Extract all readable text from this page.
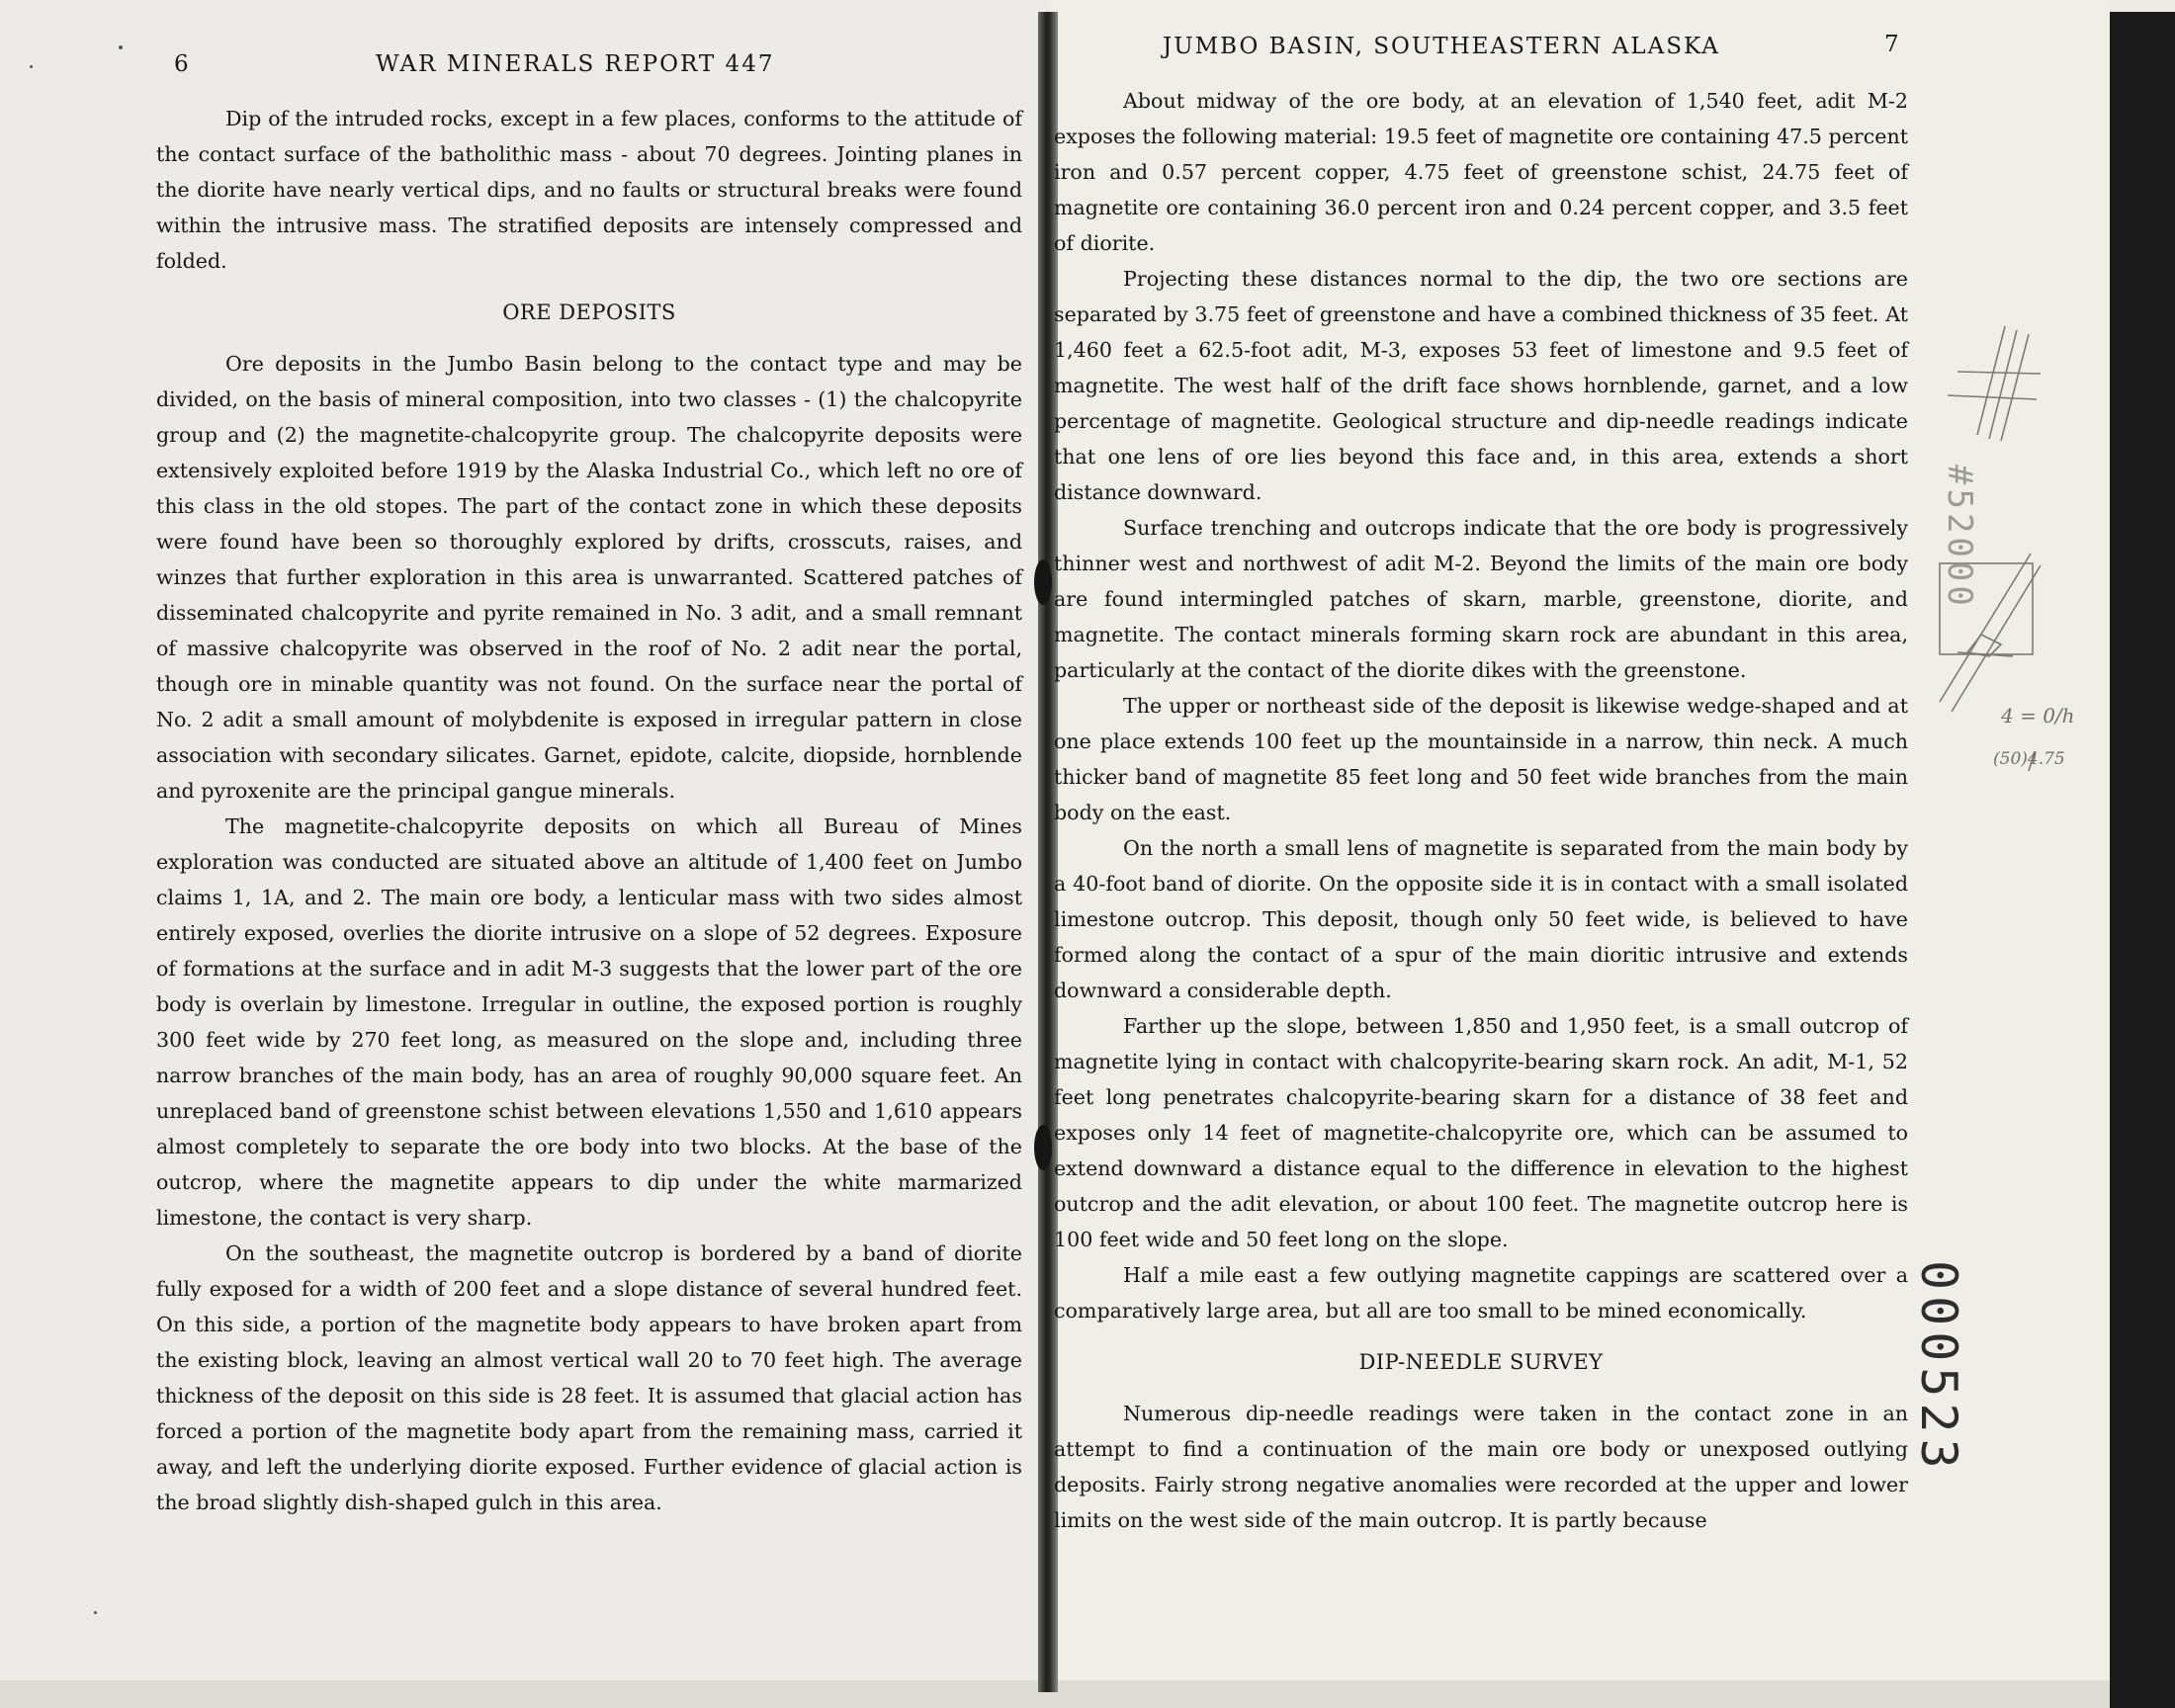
6	WAR MINERALS REPORT 447
JUMBO BASIN, SOUTHEASTERN ALASKA	7

Dip of the intruded rocks, except in a few places, conforms to the attitude of the contact surface of the batholithic mass - about 70 degrees. Jointing planes in the diorite have nearly vertical dips, and no faults or structural breaks were found within the intrusive mass. The stratified deposits are intensely compressed and folded.

ORE DEPOSITS

Ore deposits in the Jumbo Basin belong to the contact type and may be divided, on the basis of mineral composition, into two classes - (1) the chalcopyrite group and (2) the magnetite-chalcopyrite group. The chalcopyrite deposits were extensively exploited before 1919 by the Alaska Industrial Co., which left no ore of this class in the old stopes. The part of the contact zone in which these deposits were found have been so thoroughly explored by drifts, crosscuts, raises, and winzes that further exploration in this area is unwarranted. Scattered patches of disseminated chalcopyrite and pyrite remained in No. 3 adit, and a small remnant of massive chalcopyrite was observed in the roof of No. 2 adit near the portal, though ore in minable quantity was not found. On the surface near the portal of No. 2 adit a small amount of molybdenite is exposed in irregular pattern in close association with secondary silicates. Garnet, epidote, calcite, diopside, hornblende and pyroxenite are the principal gangue minerals.

The magnetite-chalcopyrite deposits on which all Bureau of Mines exploration was conducted are situated above an altitude of 1,400 feet on Jumbo claims 1, 1A, and 2. The main ore body, a lenticular mass with two sides almost entirely exposed, overlies the diorite intrusive on a slope of 52 degrees. Exposure of formations at the surface and in adit M-3 suggests that the lower part of the ore body is overlain by limestone. Irregular in outline, the exposed portion is roughly 300 feet wide by 270 feet long, as measured on the slope and, including three narrow branches of the main body, has an area of roughly 90,000 square feet. An unreplaced band of greenstone schist between elevations 1,550 and 1,610 appears almost completely to separate the ore body into two blocks. At the base of the outcrop, where the magnetite appears to dip under the white marmarized limestone, the contact is very sharp.

On the southeast, the magnetite outcrop is bordered by a band of diorite fully exposed for a width of 200 feet and a slope distance of several hundred feet. On this side, a portion of the magnetite body appears to have broken apart from the existing block, leaving an almost vertical wall 20 to 70 feet high. The average thickness of the deposit on this side is 28 feet. It is assumed that glacial action has forced a portion of the magnetite body apart from the remaining mass, carried it away, and left the underlying diorite exposed. Further evidence of glacial action is the broad slightly dish-shaped gulch in this area.

About midway of the ore body, at an elevation of 1,540 feet, adit M-2 exposes the following material: 19.5 feet of magnetite ore containing 47.5 percent iron and 0.57 percent copper, 4.75 feet of greenstone schist, 24.75 feet of magnetite ore containing 36.0 percent iron and 0.24 percent copper, and 3.5 feet of diorite.

Projecting these distances normal to the dip, the two ore sections are separated by 3.75 feet of greenstone and have a combined thickness of 35 feet. At 1,460 feet a 62.5-foot adit, M-3, exposes 53 feet of limestone and 9.5 feet of magnetite. The west half of the drift face shows hornblende, garnet, and a low percentage of magnetite. Geological structure and dip-needle readings indicate that one lens of ore lies beyond this face and, in this area, extends a short distance downward.

Surface trenching and outcrops indicate that the ore body is progressively thinner west and northwest of adit M-2. Beyond the limits of the main ore body are found intermingled patches of skarn, marble, greenstone, diorite, and magnetite. The contact minerals forming skarn rock are abundant in this area, particularly at the contact of the diorite dikes with the greenstone.

The upper or northeast side of the deposit is likewise wedge-shaped and at one place extends 100 feet up the mountainside in a narrow, thin neck. A much thicker band of magnetite 85 feet long and 50 feet wide branches from the main body on the east.

On the north a small lens of magnetite is separated from the main body by a 40-foot band of diorite. On the opposite side it is in contact with a small isolated limestone outcrop. This deposit, though only 50 feet wide, is believed to have formed along the contact of a spur of the main dioritic intrusive and extends downward a considerable depth.

Farther up the slope, between 1,850 and 1,950 feet, is a small outcrop of magnetite lying in contact with chalcopyrite-bearing skarn rock. An adit, M-1, 52 feet long penetrates chalcopyrite-bearing skarn for a distance of 38 feet and exposes only 14 feet of magnetite-chalcopyrite ore, which can be assumed to extend downward a distance equal to the difference in elevation to the highest outcrop and the adit elevation, or about 100 feet. The magnetite outcrop here is 100 feet wide and 50 feet long on the slope.

Half a mile east a few outlying magnetite cappings are scattered over a comparatively large area, but all are too small to be mined economically.

DIP-NEEDLE SURVEY

Numerous dip-needle readings were taken in the contact zone in an attempt to find a continuation of the main ore body or unexposed outlying deposits. Fairly strong negative anomalies were recorded at the upper and lower limits on the west side of the main outcrop. It is partly because

4 = 0/h
(50)4.75
#52000
000523
